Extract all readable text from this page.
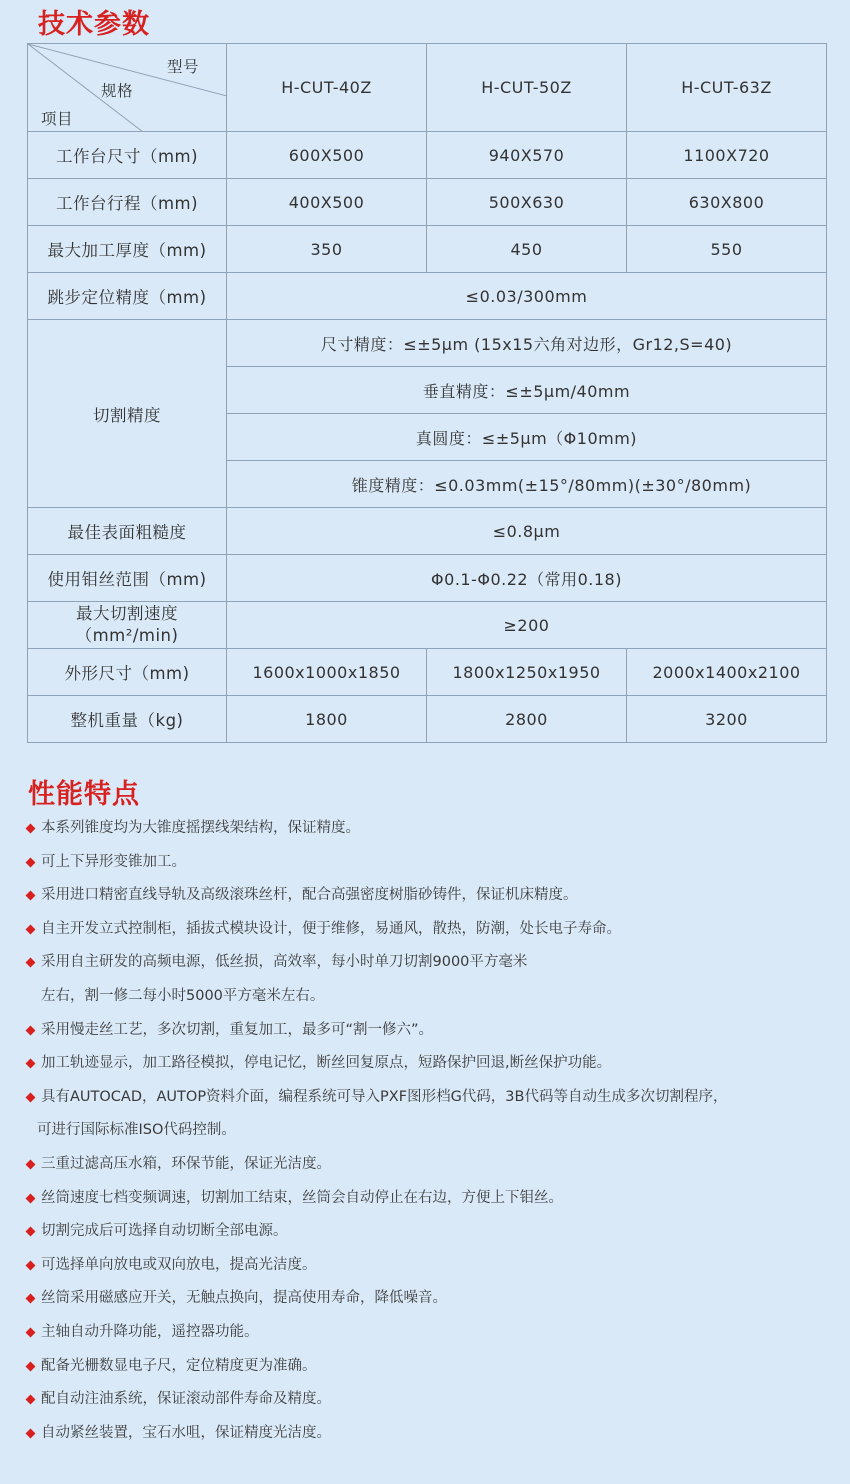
技术参数
型号
规格
项目	H-CUT-40Z	H-CUT-50Z	H-CUT-63Z
工作台尺寸（mm)	600X500	940X570	1100X720
工作台行程（mm)	400X500	500X630	630X800
最大加工厚度（mm)	350	450	550
跳步定位精度（mm)	≤0.03/300mm		
切割精度	尺寸精度：≤±5μm (15x15六角对边形，Gr12,S=40)		
	垂直精度：≤±5μm/40mm		
	真圆度：≤±5μm（Φ10mm)		
	锥度精度：≤0.03mm(±15°/80mm)(±30°/80mm)		
最佳表面粗糙度	≤0.8μm		
使用钼丝范围（mm)	Φ0.1-Φ0.22（常用0.18)		

最大切割速度
（mm²/min)	≥200		
外形尺寸（mm)	1600x1000x1850	1800x1250x1950	2000x1400x2100
整机重量（kg)	1800	2800	3200
性能特点
本系列锥度均为大锥度摇摆线架结构，保证精度。
可上下异形变锥加工。
采用进口精密直线导轨及高级滚珠丝杆，配合高强密度树脂砂铸件，保证机床精度。
自主开发立式控制柜，插拔式模块设计，便于维修，易通风，散热，防潮，处长电子寿命。
采用自主研发的高频电源，低丝损，高效率，每小时单刀切割9000平方毫米
左右，割一修二每小时5000平方毫米左右。
采用慢走丝工艺，多次切割，重复加工，最多可“割一修六”。
加工轨迹显示，加工路径模拟，停电记忆，断丝回复原点，短路保护回退,断丝保护功能。
具有AUTOCAD，AUTOP资料介面，编程系统可导入PXF图形档G代码，3B代码等自动生成多次切割程序，
可进行国际标准ISO代码控制。
三重过滤高压水箱，环保节能，保证光洁度。
丝筒速度七档变频调速，切割加工结束，丝筒会自动停止在右边，方便上下钼丝。
切割完成后可选择自动切断全部电源。
可选择单向放电或双向放电，提高光洁度。
丝筒采用磁感应开关，无触点换向，提高使用寿命，降低噪音。
主轴自动升降功能，遥控器功能。
配备光栅数显电子尺，定位精度更为准确。
配自动注油系统，保证滚动部件寿命及精度。
自动紧丝装置，宝石水咀，保证精度光洁度。
